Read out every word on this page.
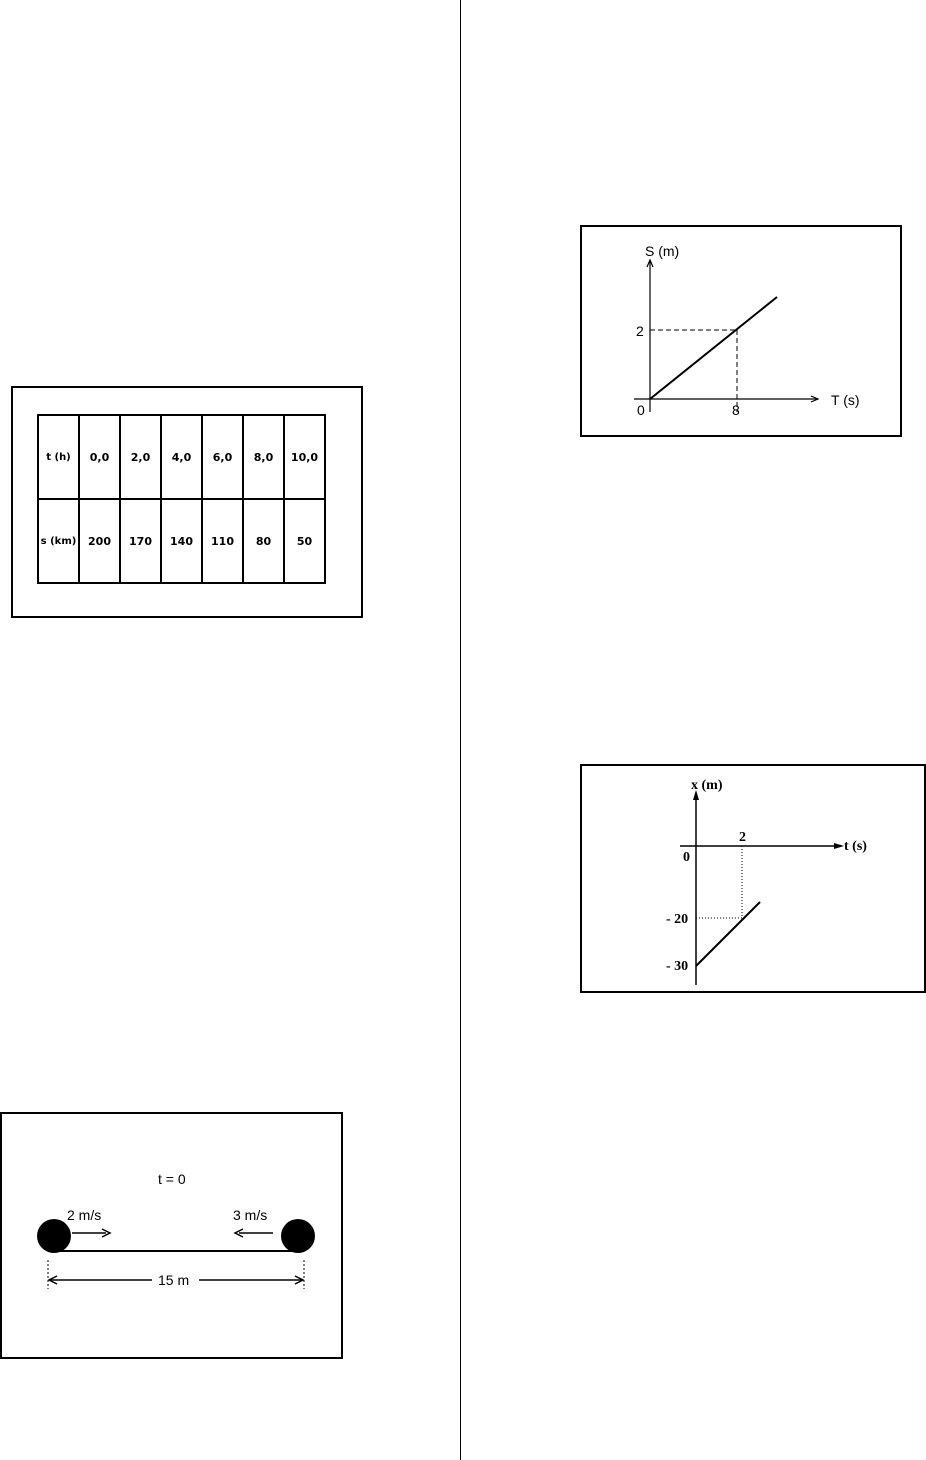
t (h)	0,0	2,0	4,0	6,0	8,0	10,0
s (km)	200	170	140	110	80	50
S (m)
T (s)
0
2
8
x (m)
t (s)
0
2
- 20
- 30
t = 0
2 m/s	3 m/s
15 m
